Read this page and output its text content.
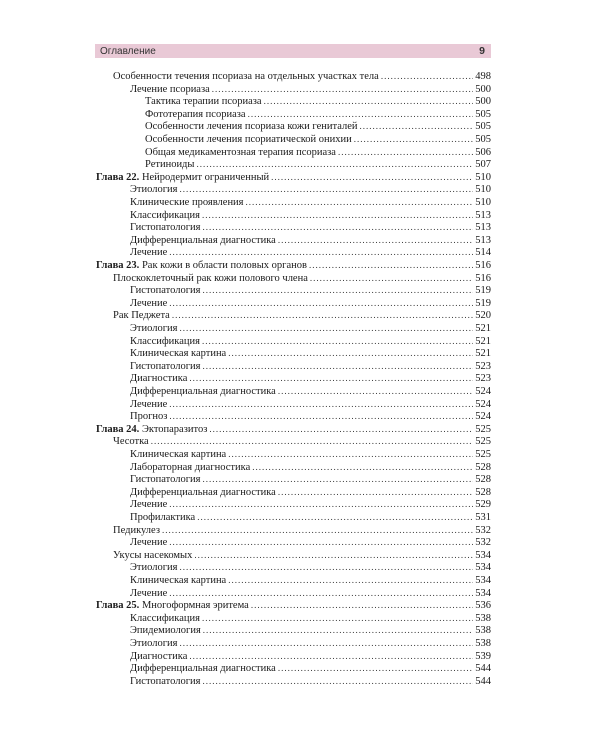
Оглавление	9
Особенности течения псориаза на отдельных участках тела .....	498
Лечение псориаза .....	500
Тактика терапии псориаза .....	500
Фототерапия псориаза .....	505
Особенности лечения псориаза кожи гениталей .....	505
Особенности лечения псориатической онихии .....	505
Общая медикаментозная терапия псориаза .....	506
Ретиноиды .....	507
Глава 22. Нейродермит ограниченный .....	510
Этиология .....	510
Клинические проявления .....	510
Классификация .....	513
Гистопатология .....	513
Дифференциальная диагностика .....	513
Лечение .....	514
Глава 23. Рак кожи в области половых органов .....	516
Плоскоклеточный рак кожи полового члена .....	516
Гистопатология .....	519
Лечение .....	519
Рак Педжета .....	520
Этиология .....	521
Классификация .....	521
Клиническая картина .....	521
Гистопатология .....	523
Диагностика .....	523
Дифференциальная диагностика .....	524
Лечение .....	524
Прогноз .....	524
Глава 24. Эктопаразитоз .....	525
Чесотка .....	525
Клиническая картина .....	525
Лабораторная диагностика .....	528
Гистопатология .....	528
Дифференциальная диагностика .....	528
Лечение .....	529
Профилактика .....	531
Педикулез .....	532
Лечение .....	532
Укусы насекомых .....	534
Этиология .....	534
Клиническая картина .....	534
Лечение .....	534
Глава 25. Многоформная эритема .....	536
Классификация .....	538
Эпидемиология .....	538
Этиология .....	538
Диагностика .....	539
Дифференциальная диагностика .....	544
Гистопатология .....	544
